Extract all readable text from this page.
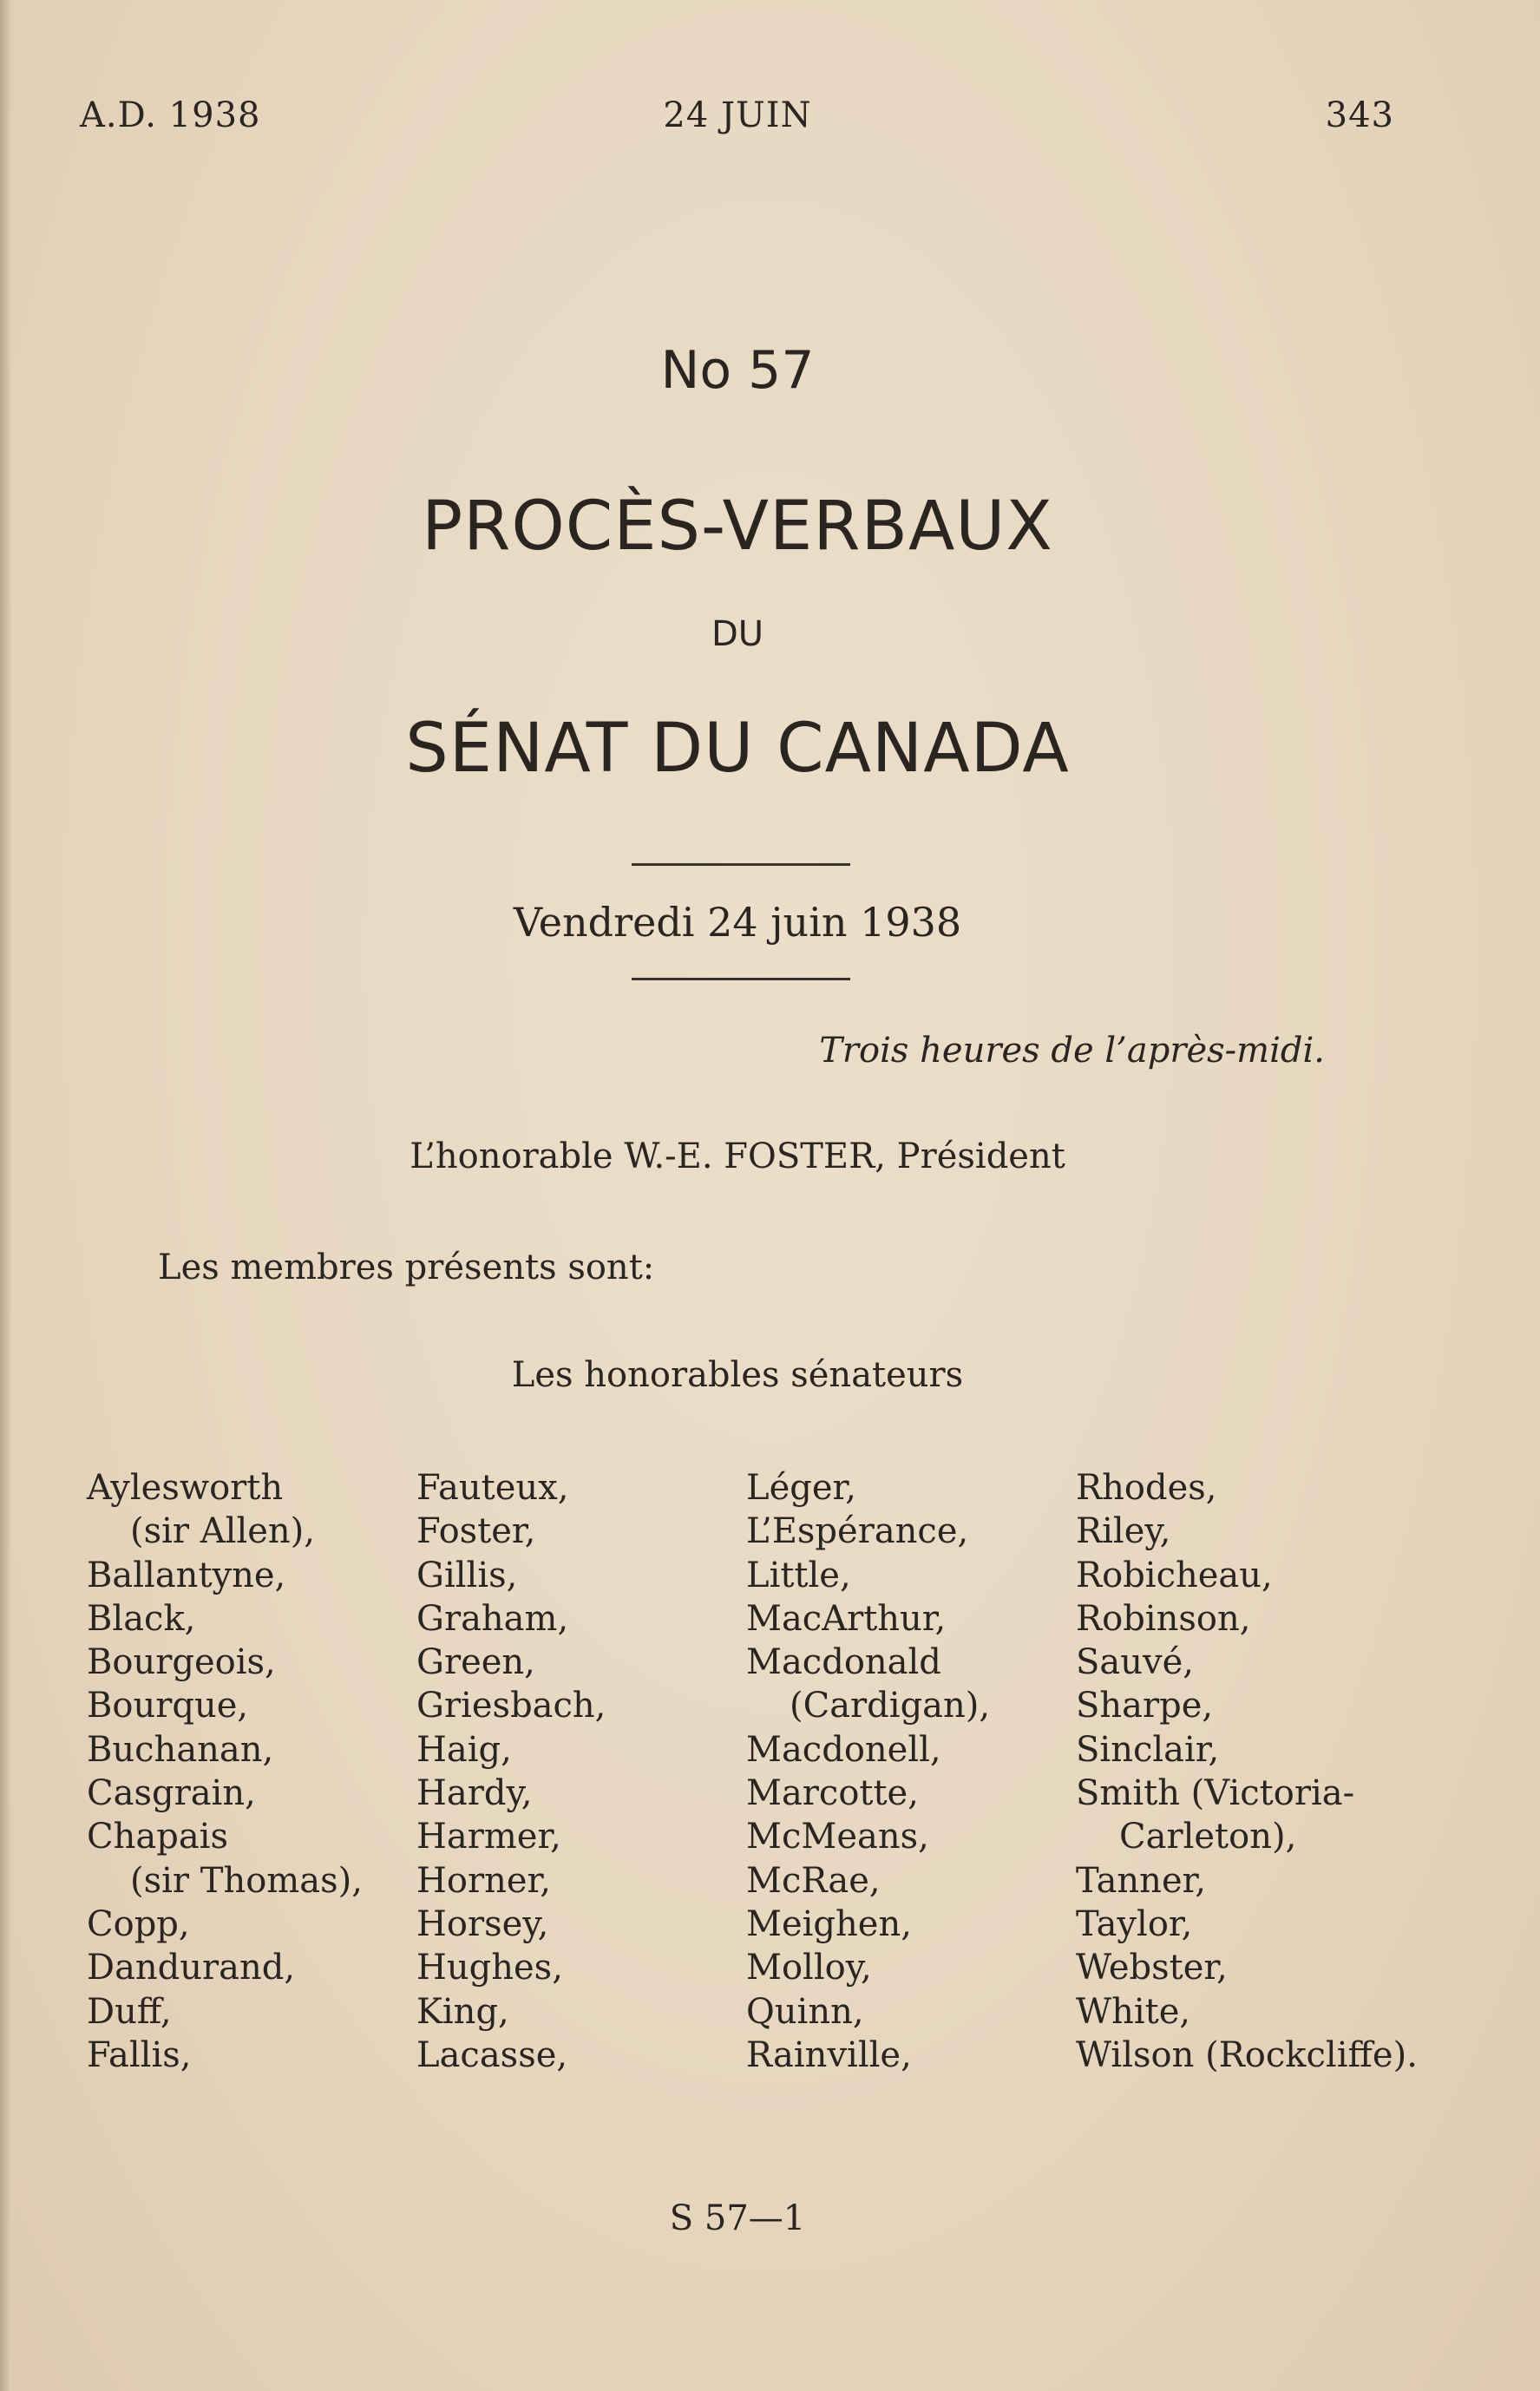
A.D. 1938	24 JUIN	343
No 57
PROCÈS-VERBAUX
DU
SÉNAT DU CANADA
Vendredi 24 juin 1938
Trois heures de l’après-midi.
L’honorable W.-E. FOSTER, Président
Les membres présents sont:
Les honorables sénateurs
Aylesworth
(sir Allen),
Ballantyne,
Black,
Bourgeois,
Bourque,
Buchanan,
Casgrain,
Chapais
(sir Thomas),
Copp,
Dandurand,
Duff,
Fallis,
Fauteux,
Foster,
Gillis,
Graham,
Green,
Griesbach,
Haig,
Hardy,
Harmer,
Horner,
Horsey,
Hughes,
King,
Lacasse,
Léger,
L’Espérance,
Little,
MacArthur,
Macdonald
(Cardigan),
Macdonell,
Marcotte,
McMeans,
McRae,
Meighen,
Molloy,
Quinn,
Rainville,
Rhodes,
Riley,
Robicheau,
Robinson,
Sauvé,
Sharpe,
Sinclair,
Smith (Victoria-
Carleton),
Tanner,
Taylor,
Webster,
White,
Wilson (Rockcliffe).
S 57—1
